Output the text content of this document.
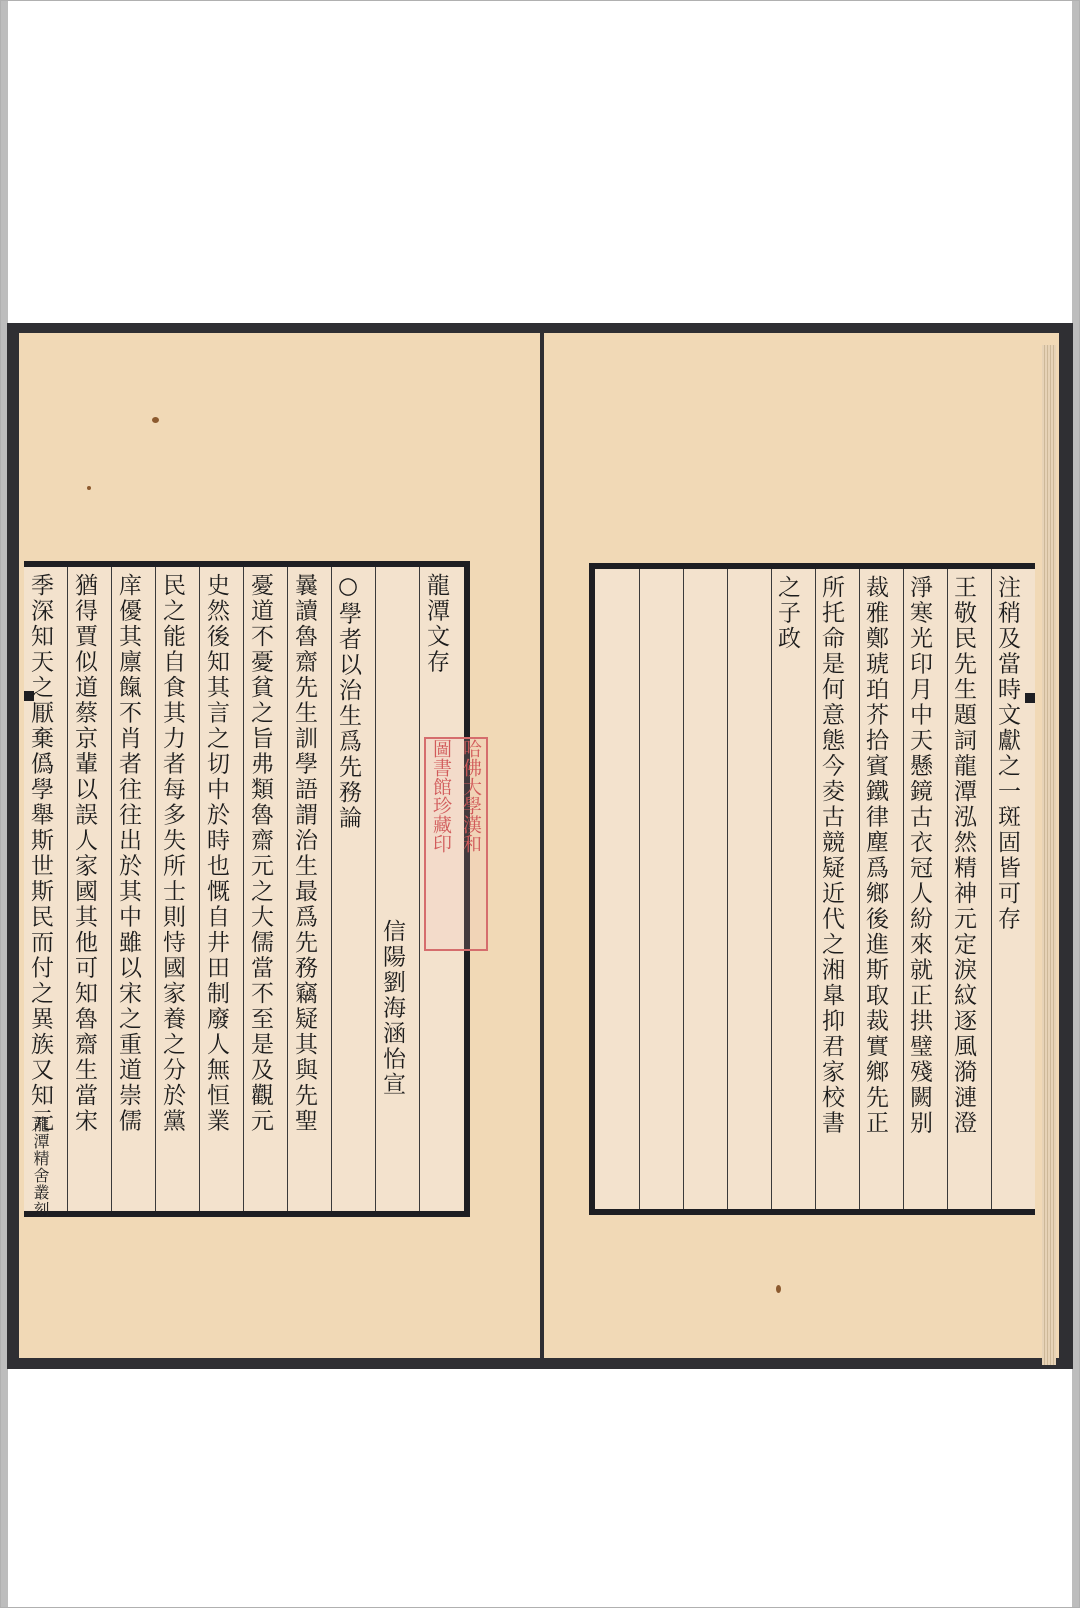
龍潭文存
信陽劉海涵怡宣
○學者以治生爲先務論
曩讀魯齋先生訓學語謂治生最爲先務竊疑其與先聖
憂道不憂貧之旨弗類魯齋元之大儒當不至是及觀元
史然後知其言之切中於時也慨自井田制廢人無恒業
民之能自食其力者每多失所士則恃國家養之分於黨
庠優其廪餼不肖者往往出於其中雖以宋之重道崇儒
猶得賈似道蔡京輩以誤人家國其他可知魯齋生當宋
季深知天之厭棄僞學舉斯世斯民而付之異族又知元
龍潭精舍叢刻
哈佛大學漢和
圖書館珍藏印	注稍及當時文獻之一斑固皆可存
王敬民先生題詞龍潭泓然精神元定淚紋逐風漪漣澄
淨寒光印月中天懸鏡古衣冠人紛來就正拱璧殘闕别
裁雅鄭琥珀芥拾賓鐵律塵爲鄉後進斯取裁實鄉先正
所托命是何意態今夌古競疑近代之湘臯抑君家校書
之子政
